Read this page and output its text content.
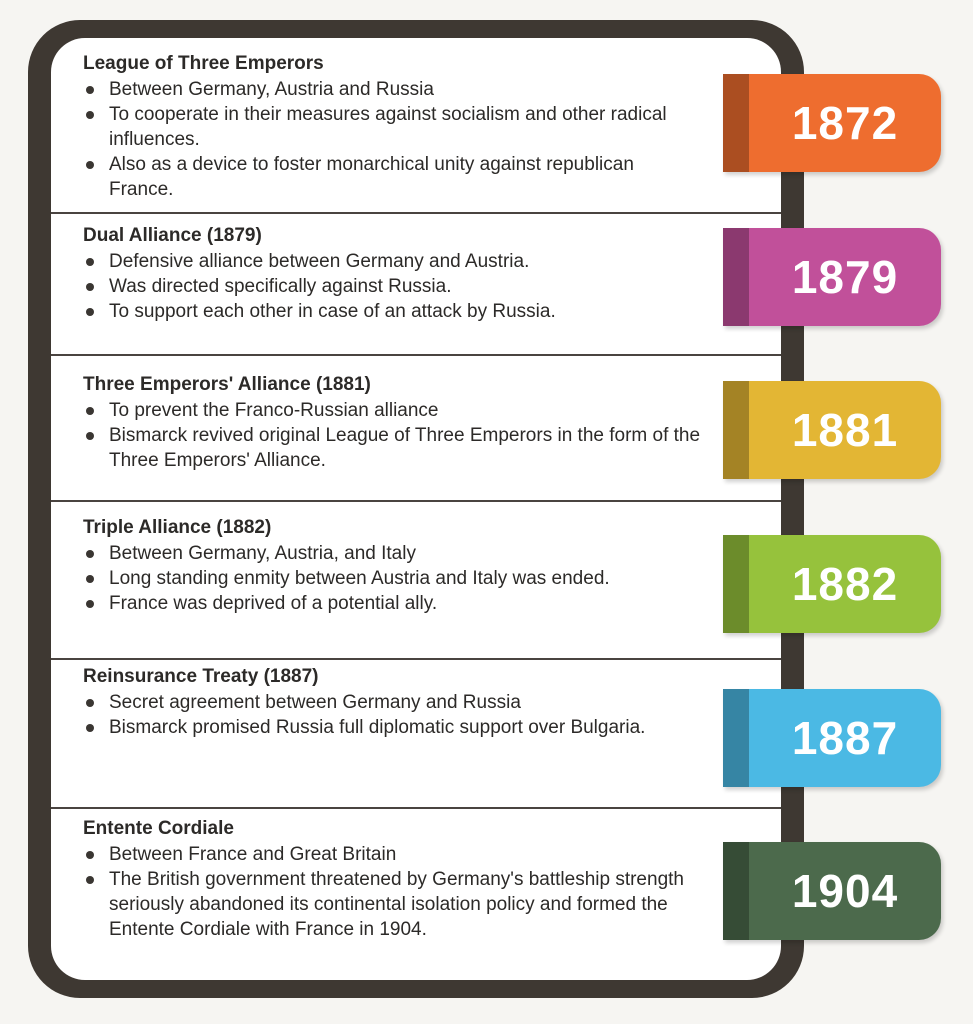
League of Three Emperors
Between Germany, Austria and Russia
To cooperate in their measures against socialism and other radical influences.
Also as a device to foster monarchical unity against republican France.
Dual Alliance (1879)
Defensive alliance between Germany and Austria.
Was directed specifically against Russia.
To support each other in case of an attack by Russia.
Three Emperors' Alliance (1881)
To prevent the Franco-Russian alliance
Bismarck revived original League of Three Emperors in the form of the Three Emperors' Alliance.
Triple Alliance (1882)
Between Germany, Austria, and Italy
Long standing enmity between Austria and Italy was ended.
France was deprived of a potential ally.
Reinsurance Treaty (1887)
Secret agreement between Germany and Russia
Bismarck promised Russia full diplomatic support over Bulgaria.
Entente Cordiale
Between France and Great Britain
The British government threatened by Germany's battleship strength seriously abandoned its continental isolation policy and formed the Entente Cordiale with France in 1904.
1872
1879
1881
1882
1887
1904
